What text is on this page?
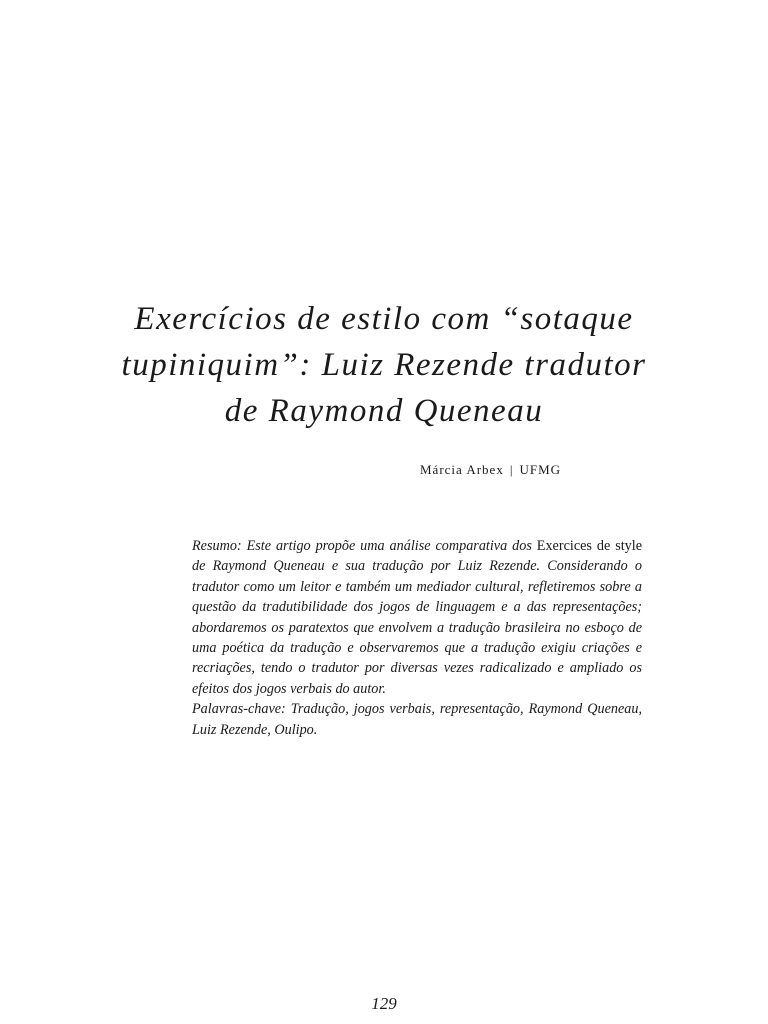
Exercícios de estilo com “sotaque
tupiniquim”: Luiz Rezende tradutor
de Raymond Queneau
Márcia Arbex | UFMG

Resumo: Este artigo propõe uma análise comparativa dos Exercices de style de Raymond Queneau e sua tradução por Luiz Rezende. Considerando o tradutor como um leitor e também um mediador cultural, refletiremos sobre a questão da tradutibilidade dos jogos de linguagem e a das representações; abordaremos os paratextos que envolvem a tradução brasileira no esboço de uma poética da tradução e observaremos que a tradução exigiu criações e recriações, tendo o tradutor por diversas vezes radicalizado e ampliado os efeitos dos jogos verbais do autor.

Palavras-chave: Tradução, jogos verbais, representação, Raymond Queneau, Luiz Rezende, Oulipo.

129
